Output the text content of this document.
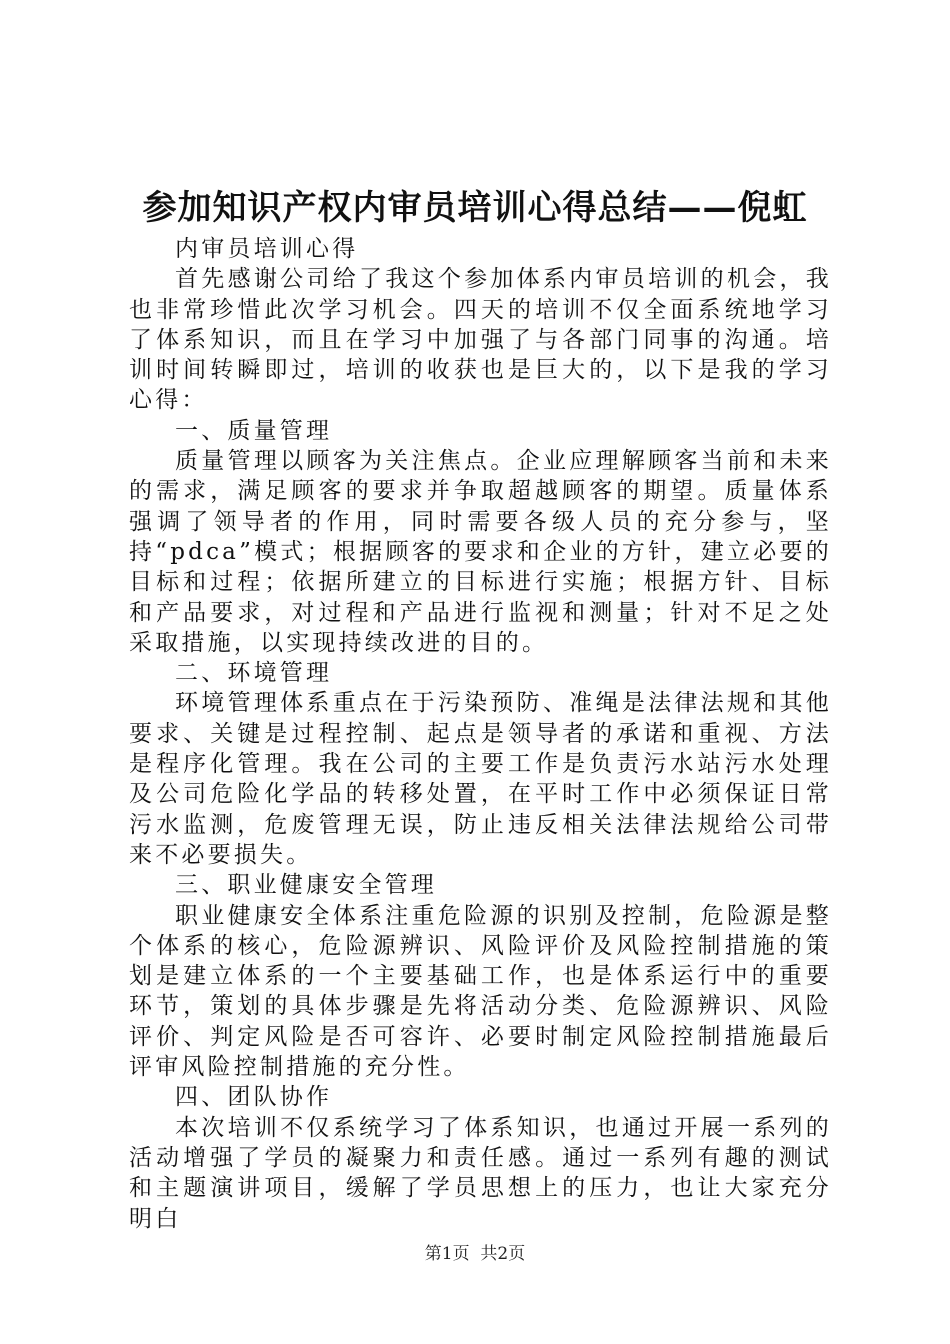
参加知识产权内审员培训心得总结——倪虹

内审员培训心得

首先感谢公司给了我这个参加体系内审员培训的机会，我也非常珍惜此次学习机会。四天的培训不仅全面系统地学习了体系知识，而且在学习中加强了与各部门同事的沟通。培训时间转瞬即过，培训的收获也是巨大的，以下是我的学习心得：

一、质量管理

质量管理以顾客为关注焦点。企业应理解顾客当前和未来的需求，满足顾客的要求并争取超越顾客的期望。质量体系强调了领导者的作用，同时需要各级人员的充分参与，坚持“pdca”模式；根据顾客的要求和企业的方针，建立必要的目标和过程；依据所建立的目标进行实施；根据方针、目标和产品要求，对过程和产品进行监视和测量；针对不足之处采取措施，以实现持续改进的目的。

二、环境管理

环境管理体系重点在于污染预防、准绳是法律法规和其他要求、关键是过程控制、起点是领导者的承诺和重视、方法是程序化管理。我在公司的主要工作是负责污水站污水处理及公司危险化学品的转移处置，在平时工作中必须保证日常污水监测，危废管理无误，防止违反相关法律法规给公司带来不必要损失。

三、职业健康安全管理

职业健康安全体系注重危险源的识别及控制，危险源是整个体系的核心，危险源辨识、风险评价及风险控制措施的策划是建立体系的一个主要基础工作，也是体系运行中的重要环节，策划的具体步骤是先将活动分类、危险源辨识、风险评价、判定风险是否可容许、必要时制定风险控制措施最后评审风险控制措施的充分性。

四、团队协作

本次培训不仅系统学习了体系知识，也通过开展一系列的活动增强了学员的凝聚力和责任感。通过一系列有趣的测试和主题演讲项目，缓解了学员思想上的压力，也让大家充分明白

第1页 共2页
